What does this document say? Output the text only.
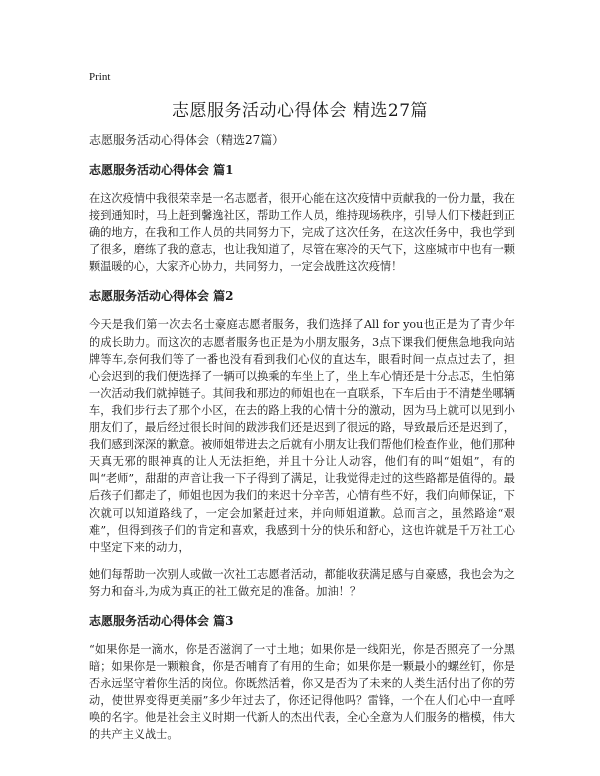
Print
志愿服务活动心得体会 精选27篇
志愿服务活动心得体会（精选27篇）
志愿服务活动心得体会 篇1
在这次疫情中我很荣幸是一名志愿者，很开心能在这次疫情中贡献我的一份力量，我在接到通知时，马上赶到馨逸社区，帮助工作人员，维持现场秩序，引导人们下楼赶到正确的地方，在我和工作人员的共同努力下，完成了这次任务，在这次任务中，我也学到了很多，磨练了我的意志，也让我知道了，尽管在寒冷的天气下，这座城市中也有一颗颗温暖的心，大家齐心协力，共同努力，一定会战胜这次疫情！
志愿服务活动心得体会 篇2
今天是我们第一次去名士豪庭志愿者服务，我们选择了All for you也正是为了青少年的成长助力。而这次的志愿者服务也正是为小朋友服务，3点下课我们便焦急地我向站牌等车,奈何我们等了一番也没有看到我们心仪的直达车，眼看时间一点点过去了，担心会迟到的我们便选择了一辆可以换乘的车坐上了，坐上车心情还是十分忐忑，生怕第一次活动我们就掉链子。其间我和那边的师姐也在一直联系，下车后由于不清楚坐哪辆车，我们步行去了那个小区，在去的路上我的心情十分的激动，因为马上就可以见到小朋友们了，最后经过很长时间的跋涉我们还是迟到了很远的路，导致最后还是迟到了，我们感到深深的歉意。被师姐带进去之后就有小朋友让我们帮他们检查作业，他们那种天真无邪的眼神真的让人无法拒绝，并且十分让人动容，他们有的叫“姐姐”，有的叫“老师”，甜甜的声音让我一下子得到了满足，让我觉得走过的这些路都是值得的。最后孩子们都走了，师姐也因为我们的来迟十分辛苦，心情有些不好，我们向师保证，下次就可以知道路线了，一定会加紧赶过来，并向师姐道歉。总而言之，虽然路途“艰难”，但得到孩子们的肯定和喜欢，我感到十分的快乐和舒心，这也许就是千万社工心中坚定下来的动力，
她们每帮助一次别人或做一次社工志愿者活动，都能收获满足感与自豪感，我也会为之努力和奋斗,为成为真正的社工做充足的准备。加油！？
志愿服务活动心得体会 篇3
“如果你是一滴水，你是否滋润了一寸土地；如果你是一线阳光，你是否照亮了一分黑暗；如果你是一颗粮食，你是否哺育了有用的生命；如果你是一颗最小的螺丝钉，你是否永远坚守着你生活的岗位。你既然活着，你又是否为了未来的人类生活付出了你的劳动，使世界变得更美丽”多少年过去了，你还记得他吗？雷锋，一个在人们心中一直呼唤的名字。他是社会主义时期一代新人的杰出代表，全心全意为人们服务的楷模，伟大的共产主义战士。
